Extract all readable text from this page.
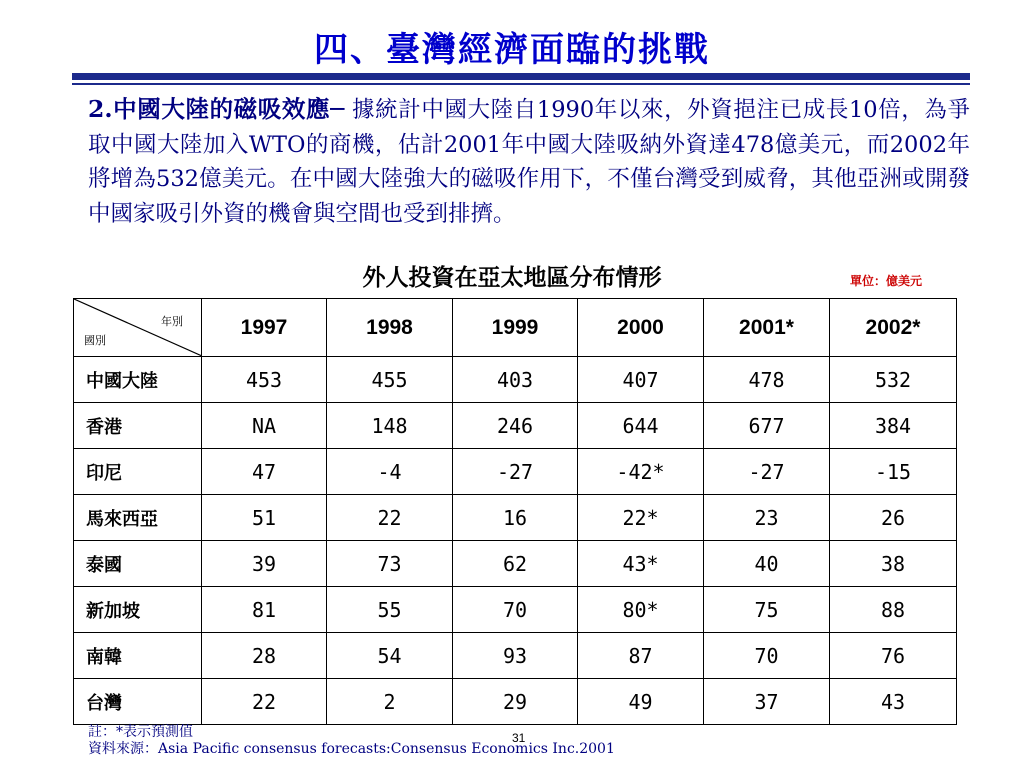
四、臺灣經濟面臨的挑戰
2.中國大陸的磁吸效應─ 據統計中國大陸自1990年以來，外資挹注已成長10倍，為爭取中國大陸加入WTO的商機，估計2001年中國大陸吸納外資達478億美元，而2002年將增為532億美元。在中國大陸強大的磁吸作用下，不僅台灣受到威脅，其他亞洲或開發中國家吸引外資的機會與空間也受到排擠。
外人投資在亞太地區分布情形	單位：億美元
年別
國別	1997	1998	1999	2000	2001*	2002*
中國大陸	453	455	403	407	478	532
香港	NA	148	246	644	677	384
印尼	47	-4	-27	-42*	-27	-15
馬來西亞	51	22	16	22*	23	26
泰國	39	73	62	43*	40	38
新加坡	81	55	70	80*	75	88
南韓	28	54	93	87	70	76
台灣	22	2	29	49	37	43
註：*表示預測值
資料來源：Asia Pacific consensus forecasts:Consensus Economics Inc.2001
31
